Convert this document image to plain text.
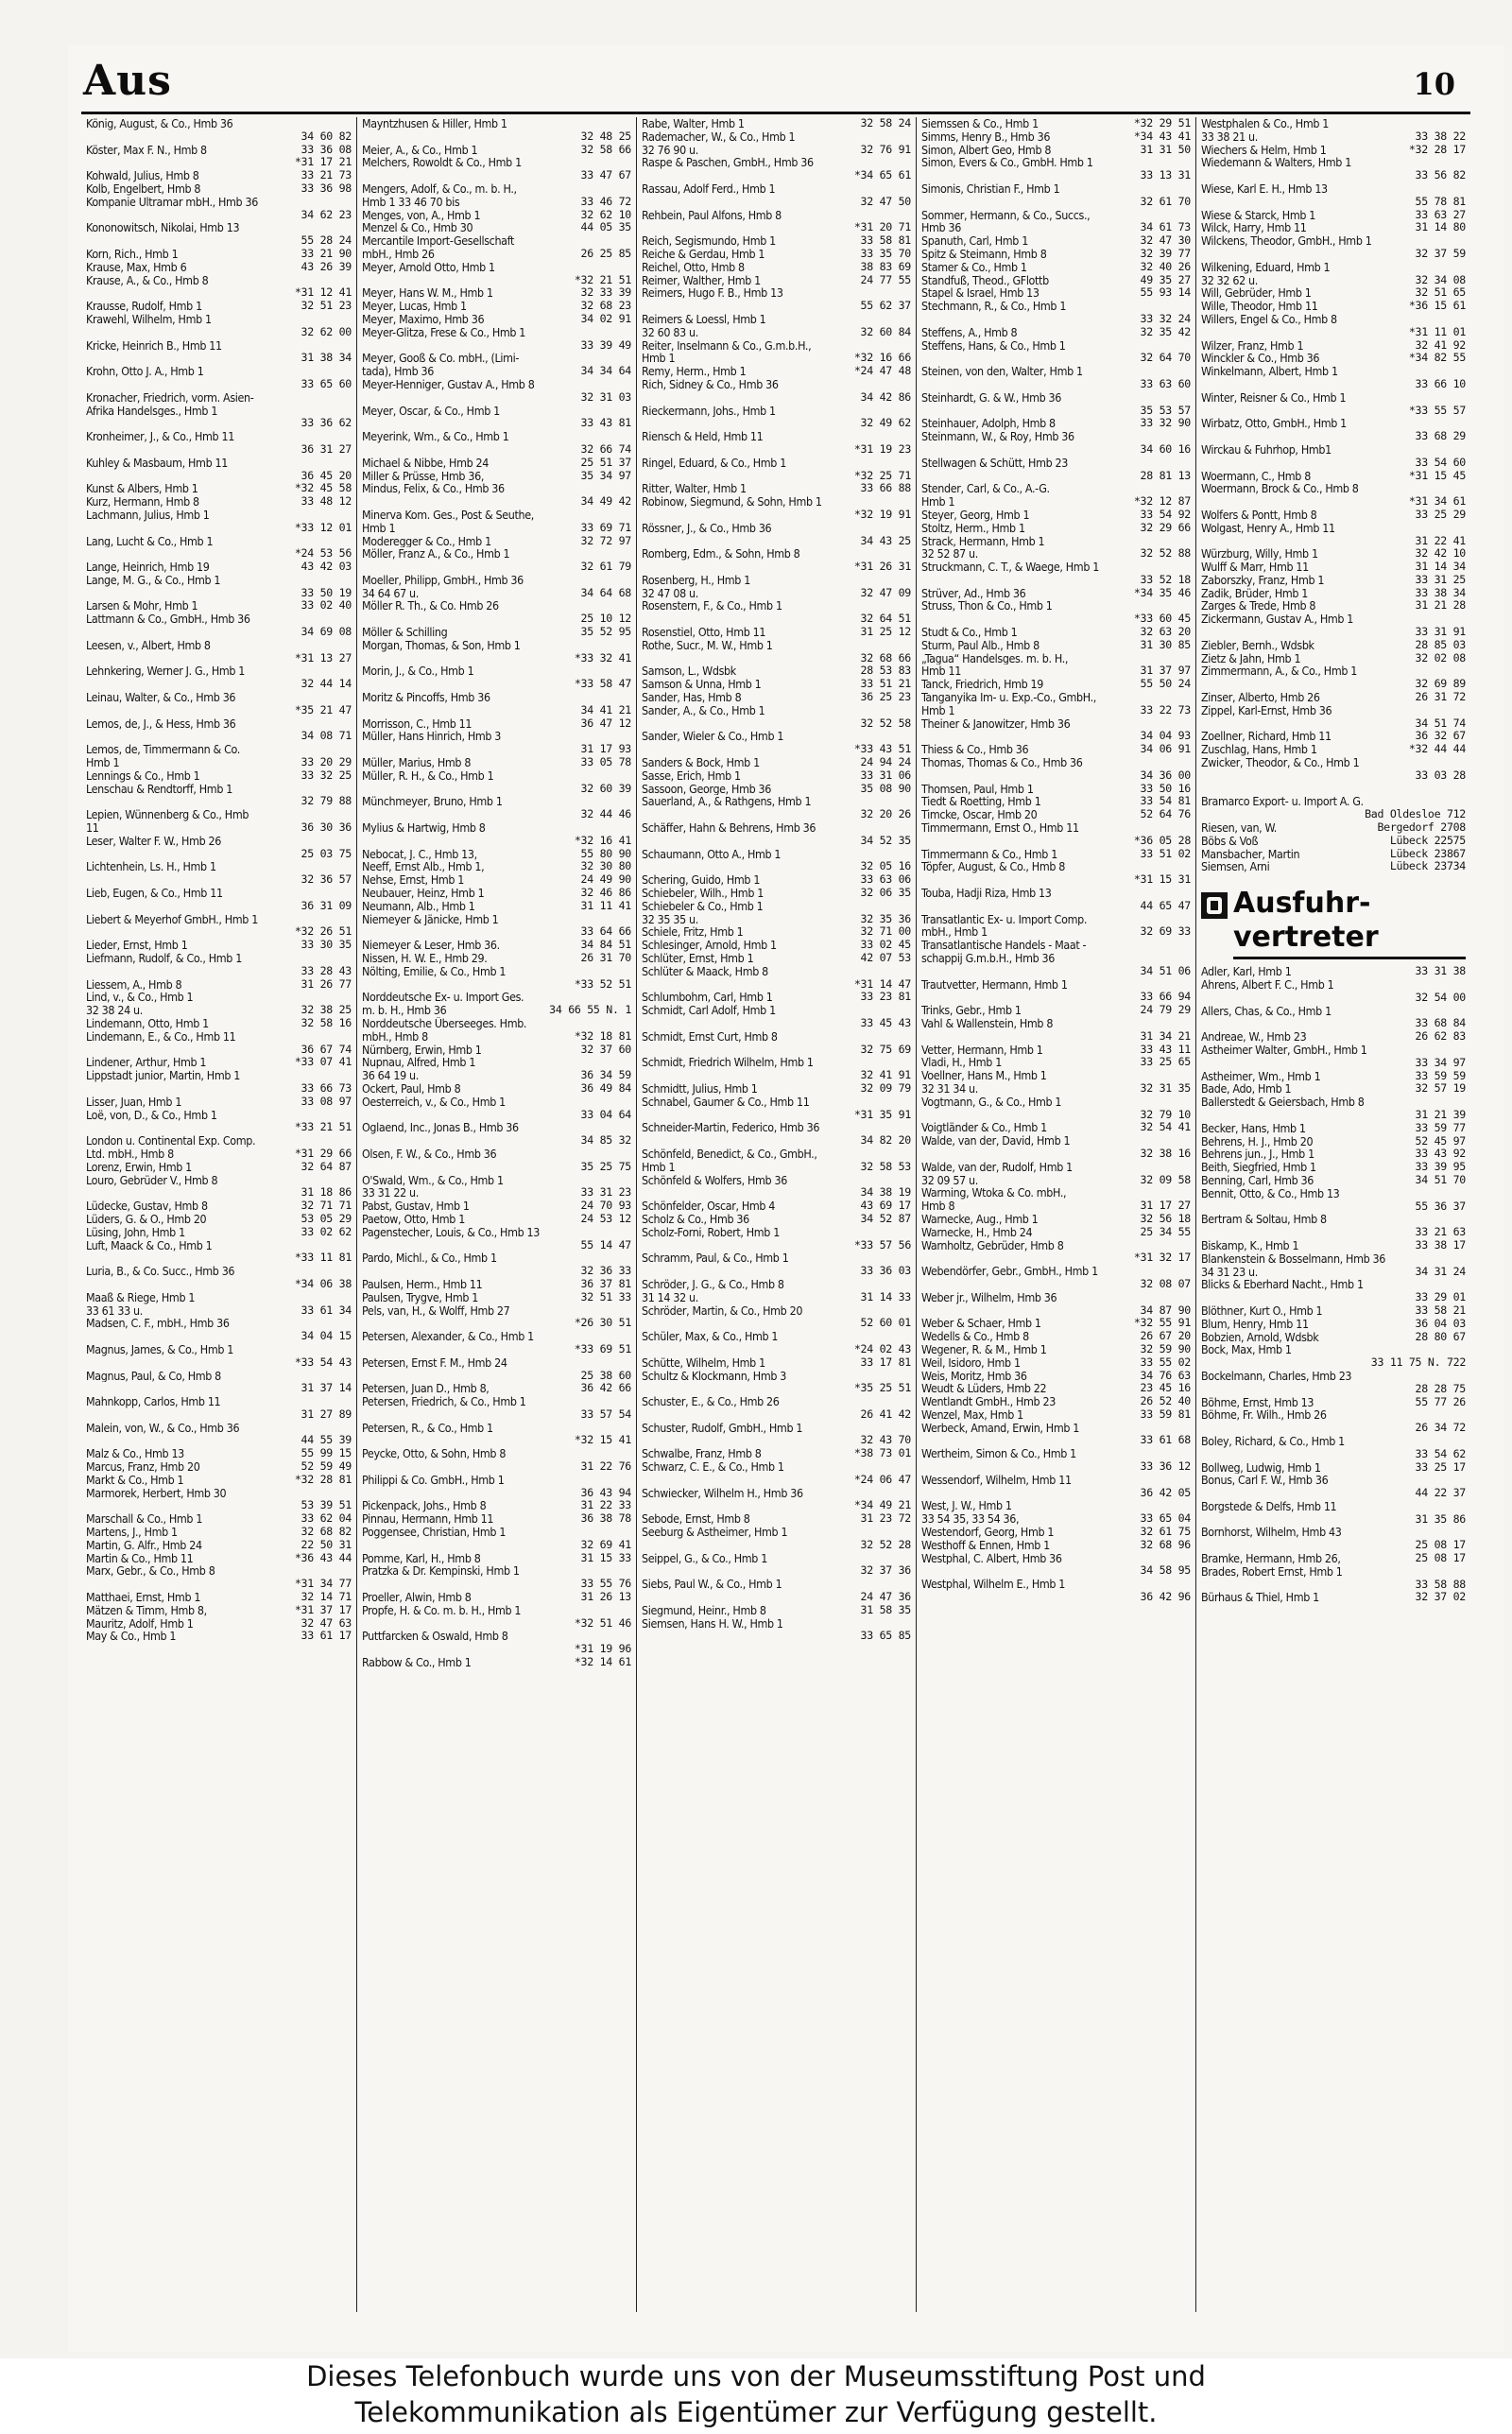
Aus	10
König, August, & Co., Hmb 36
34 60 82

33 36 08
Köster, Max F. N., Hmb 8
*31 17 21

33 21 73
Kohwald, Julius, Hmb 8
33 36 98
Kolb, Engelbert, Hmb 8
Kompanie Ultramar mbH., Hmb 36
34 62 23

Kononowitsch, Nikolai, Hmb 13
55 28 24

33 21 90
Korn, Rich., Hmb 1
43 26 39
Krause, Max, Hmb 6
Krause, A., & Co., Hmb 8
*31 12 41

32 51 23
Krausse, Rudolf, Hmb 1
Krawehl, Wilhelm, Hmb 1
32 62 00

Kricke, Heinrich B., Hmb 11
31 38 34

Krohn, Otto J. A., Hmb 1
33 65 60

Kronacher, Friedrich, vorm. Asien-
Afrika Handelsges., Hmb 1
33 36 62

Kronheimer, J., & Co., Hmb 11
36 31 27

Kuhley & Masbaum, Hmb 11
36 45 20

*32 45 58
Kunst & Albers, Hmb 1
33 48 12
Kurz, Hermann, Hmb 8
Lachmann, Julius, Hmb 1
*33 12 01

Lang, Lucht & Co., Hmb 1
*24 53 56

43 42 03
Lange, Heinrich, Hmb 19
Lange, M. G., & Co., Hmb 1
33 50 19

33 02 40
Larsen & Mohr, Hmb 1
Lattmann & Co., GmbH., Hmb 36
34 69 08

Leesen, v., Albert, Hmb 8
*31 13 27

Lehnkering, Werner J. G., Hmb 1
32 44 14

Leinau, Walter, & Co., Hmb 36
*35 21 47

Lemos, de, J., & Hess, Hmb 36
34 08 71

Lemos, de, Timmermann & Co.
33 20 29
Hmb 1
33 32 25
Lennings & Co., Hmb 1
Lenschau & Rendtorff, Hmb 1
32 79 88

Lepien, Wünnenberg & Co., Hmb
36 30 36
11
Leser, Walter F. W., Hmb 26
25 03 75

Lichtenhein, Ls. H., Hmb 1
32 36 57

Lieb, Eugen, & Co., Hmb 11
36 31 09

Liebert & Meyerhof GmbH., Hmb 1
*32 26 51

33 30 35
Lieder, Ernst, Hmb 1
Liefmann, Rudolf, & Co., Hmb 1
33 28 43

31 26 77
Liessem, A., Hmb 8
Lind, v., & Co., Hmb 1
32 38 25
32 38 24 u.
32 58 16
Lindemann, Otto, Hmb 1
Lindemann, E., & Co., Hmb 11
36 67 74

*33 07 41
Lindener, Arthur, Hmb 1
Lippstadt junior, Martin, Hmb 1
33 66 73

33 08 97
Lisser, Juan, Hmb 1
Loë, von, D., & Co., Hmb 1
*33 21 51

London u. Continental Exp. Comp.
*31 29 66
Ltd. mbH., Hmb 8
32 64 87
Lorenz, Erwin, Hmb 1
Louro, Gebrüder V., Hmb 8
31 18 86

32 71 71
Lüdecke, Gustav, Hmb 8
53 05 29
Lüders, G. & O., Hmb 20
33 02 62
Lüsing, John, Hmb 1
Luft, Maack & Co., Hmb 1
*33 11 81

Luria, B., & Co. Succ., Hmb 36
*34 06 38

Maaß & Riege, Hmb 1
33 61 34
33 61 33 u.
Madsen, C. F., mbH., Hmb 36
34 04 15

Magnus, James, & Co., Hmb 1
*33 54 43

Magnus, Paul, & Co, Hmb 8
31 37 14

Mahnkopp, Carlos, Hmb 11
31 27 89

Malein, von, W., & Co., Hmb 36
44 55 39

55 99 15
Malz & Co., Hmb 13
52 59 49
Marcus, Franz, Hmb 20
*32 28 81
Markt & Co., Hmb 1
Marmorek, Herbert, Hmb 30
53 39 51

33 62 04
Marschall & Co., Hmb 1
32 68 82
Martens, J., Hmb 1
22 50 31
Martin, G. Alfr., Hmb 24
*36 43 44
Martin & Co., Hmb 11
Marx, Gebr., & Co., Hmb 8
*31 34 77

32 14 71
Matthaei, Ernst, Hmb 1
*31 37 17
Mätzen & Timm, Hmb 8,
32 47 63
Mauritz, Adolf, Hmb 1
33 61 17
May & Co., Hmb 1
Mayntzhusen & Hiller, Hmb 1
32 48 25

32 58 66
Meier, A., & Co., Hmb 1
Melchers, Rowoldt & Co., Hmb 1
33 47 67

Mengers, Adolf, & Co., m. b. H.,
33 46 72
Hmb 1 33 46 70 bis
32 62 10
Menges, von, A., Hmb 1
44 05 35
Menzel & Co., Hmb 30
Mercantile Import-Gesellschaft
26 25 85
mbH., Hmb 26
Meyer, Arnold Otto, Hmb 1
*32 21 51

32 33 39
Meyer, Hans W. M., Hmb 1
32 68 23
Meyer, Lucas, Hmb 1
34 02 91
Meyer, Maximo, Hmb 36
Meyer-Glitza, Frese & Co., Hmb 1
33 39 49

Meyer, Gooß & Co. mbH., (Limi-
34 34 64
tada), Hmb 36
Meyer-Henniger, Gustav A., Hmb 8
32 31 03

Meyer, Oscar, & Co., Hmb 1
33 43 81

Meyerink, Wm., & Co., Hmb 1
32 66 74

25 51 37
Michael & Nibbe, Hmb 24
35 34 97
Miller & Prüsse, Hmb 36,
Mindus, Felix, & Co., Hmb 36
34 49 42

Minerva Kom. Ges., Post & Seuthe,
33 69 71
Hmb 1
32 72 97
Moderegger & Co., Hmb 1
Möller, Franz A., & Co., Hmb 1
32 61 79

Moeller, Philipp, GmbH., Hmb 36
34 64 68
34 64 67 u.
Möller R. Th., & Co. Hmb 26
25 10 12

35 52 95
Möller & Schilling
Morgan, Thomas, & Son, Hmb 1
*33 32 41

Morin, J., & Co., Hmb 1
*33 58 47

Moritz & Pincoffs, Hmb 36
34 41 21

36 47 12
Morrisson, C., Hmb 11
Müller, Hans Hinrich, Hmb 3
31 17 93

33 05 78
Müller, Marius, Hmb 8
Müller, R. H., & Co., Hmb 1
32 60 39

Münchmeyer, Bruno, Hmb 1
32 44 46

Mylius & Hartwig, Hmb 8
*32 16 41

55 80 90
Nebocat, J. C., Hmb 13,
32 30 80
Neeff, Ernst Alb., Hmb 1,
24 49 90
Nehse, Ernst, Hmb 1
32 46 86
Neubauer, Heinz, Hmb 1
31 11 41
Neumann, Alb., Hmb 1
Niemeyer & Jänicke, Hmb 1
33 64 66

34 84 51
Niemeyer & Leser, Hmb 36.
26 31 70
Nissen, H. W. E., Hmb 29.
Nölting, Emilie, & Co., Hmb 1
*33 52 51

Norddeutsche Ex- u. Import Ges.
34 66 55 N. 1
m. b. H., Hmb 36
Norddeutsche Überseeges. Hmb.
*32 18 81
mbH., Hmb 8
32 37 60
Nürnberg, Erwin, Hmb 1
Nupnau, Alfred, Hmb 1
36 34 59
36 64 19 u.
36 49 84
Ockert, Paul, Hmb 8
Oesterreich, v., & Co., Hmb 1
33 04 64

Oglaend, Inc., Jonas B., Hmb 36
34 85 32

Olsen, F. W., & Co., Hmb 36
35 25 75

O'Swald, Wm., & Co., Hmb 1
33 31 23
33 31 22 u.
24 70 93
Pabst, Gustav, Hmb 1
24 53 12
Paetow, Otto, Hmb 1
Pagenstecher, Louis, & Co., Hmb 13
55 14 47

Pardo, Michl., & Co., Hmb 1
32 36 33

36 37 81
Paulsen, Herm., Hmb 11
32 51 33
Paulsen, Trygve, Hmb 1
Pels, van, H., & Wolff, Hmb 27
*26 30 51

Petersen, Alexander, & Co., Hmb 1
*33 69 51

Petersen, Ernst F. M., Hmb 24
25 38 60

36 42 66
Petersen, Juan D., Hmb 8,
Petersen, Friedrich, & Co., Hmb 1
33 57 54

Petersen, R., & Co., Hmb 1
*32 15 41

Peycke, Otto, & Sohn, Hmb 8
31 22 76

Philippi & Co. GmbH., Hmb 1
36 43 94

31 22 33
Pickenpack, Johs., Hmb 8
36 38 78
Pinnau, Hermann, Hmb 11
Poggensee, Christian, Hmb 1
32 69 41

31 15 33
Pomme, Karl, H., Hmb 8
Pratzka & Dr. Kempinski, Hmb 1
33 55 76

31 26 13
Proeller, Alwin, Hmb 8
Propfe, H. & Co. m. b. H., Hmb 1
*32 51 46

Puttfarcken & Oswald, Hmb 8
*31 19 96

*32 14 61
Rabbow & Co., Hmb 1
32 58 24
Rabe, Walter, Hmb 1
Rademacher, W., & Co., Hmb 1
32 76 91
32 76 90 u.
Raspe & Paschen, GmbH., Hmb 36
*34 65 61

Rassau, Adolf Ferd., Hmb 1
32 47 50

Rehbein, Paul Alfons, Hmb 8
*31 20 71

33 58 81
Reich, Segismundo, Hmb 1
33 35 70
Reiche & Gerdau, Hmb 1
38 83 69
Reichel, Otto, Hmb 8
24 77 55
Reimer, Walther, Hmb 1
Reimers, Hugo F. B., Hmb 13
55 62 37

Reimers & Loessl, Hmb 1
32 60 84
32 60 83 u.
Reiter, Inselmann & Co., G.m.b.H.,
*32 16 66
Hmb 1
*24 47 48
Remy, Herm., Hmb 1
Rich, Sidney & Co., Hmb 36
34 42 86

Rieckermann, Johs., Hmb 1
32 49 62

Riensch & Held, Hmb 11
*31 19 23

Ringel, Eduard, & Co., Hmb 1
*32 25 71

33 66 88
Ritter, Walter, Hmb 1
Robinow, Siegmund, & Sohn, Hmb 1
*32 19 91

Rössner, J., & Co., Hmb 36
34 43 25

Romberg, Edm., & Sohn, Hmb 8
*31 26 31

Rosenberg, H., Hmb 1
32 47 09
32 47 08 u.
Rosenstern, F., & Co., Hmb 1
32 64 51

31 25 12
Rosenstiel, Otto, Hmb 11
Rothe, Sucr., M. W., Hmb 1
32 68 66

28 53 83
Samson, L., Wdsbk
33 51 21
Samson & Unna, Hmb 1
36 25 23
Sander, Has, Hmb 8
Sander, A., & Co., Hmb 1
32 52 58

Sander, Wieler & Co., Hmb 1
*33 43 51

24 94 24
Sanders & Bock, Hmb 1
33 31 06
Sasse, Erich, Hmb 1
35 08 90
Sassoon, George, Hmb 36
Sauerland, A., & Rathgens, Hmb 1
32 20 26

Schäffer, Hahn & Behrens, Hmb 36
34 52 35

Schaumann, Otto A., Hmb 1
32 05 16

33 63 06
Schering, Guido, Hmb 1
32 06 35
Schiebeler, Wilh., Hmb 1
Schiebeler & Co., Hmb 1
32 35 36
32 35 35 u.
32 71 00
Schiele, Fritz, Hmb 1
33 02 45
Schlesinger, Arnold, Hmb 1
42 07 53
Schlüter, Ernst, Hmb 1
Schlüter & Maack, Hmb 8
*31 14 47

33 23 81
Schlumbohm, Carl, Hmb 1
Schmidt, Carl Adolf, Hmb 1
33 45 43

Schmidt, Ernst Curt, Hmb 8
32 75 69

Schmidt, Friedrich Wilhelm, Hmb 1
32 41 91

32 09 79
Schmidtt, Julius, Hmb 1
Schnabel, Gaumer & Co., Hmb 11
*31 35 91

Schneider-Martin, Federico, Hmb 36
34 82 20

Schönfeld, Benedict, & Co., GmbH.,
32 58 53
Hmb 1
Schönfeld & Wolfers, Hmb 36
34 38 19

43 69 17
Schönfelder, Oscar, Hmb 4
34 52 87
Scholz & Co., Hmb 36
Scholz-Forni, Robert, Hmb 1
*33 57 56

Schramm, Paul, & Co., Hmb 1
33 36 03

Schröder, J. G., & Co., Hmb 8
31 14 33
31 14 32 u.
Schröder, Martin, & Co., Hmb 20
52 60 01

Schüler, Max, & Co., Hmb 1
*24 02 43

33 17 81
Schütte, Wilhelm, Hmb 1
Schultz & Klockmann, Hmb 3
*35 25 51

Schuster, E., & Co., Hmb 26
26 41 42

Schuster, Rudolf, GmbH., Hmb 1
32 43 70

*38 73 01
Schwalbe, Franz, Hmb 8
Schwarz, C. E., & Co., Hmb 1
*24 06 47

Schwiecker, Wilhelm H., Hmb 36
*34 49 21

31 23 72
Sebode, Ernst, Hmb 8
Seeburg & Astheimer, Hmb 1
32 52 28

Seippel, G., & Co., Hmb 1
32 37 36

Siebs, Paul W., & Co., Hmb 1
24 47 36

31 58 35
Siegmund, Heinr., Hmb 8
Siemsen, Hans H. W., Hmb 1
33 65 85

*32 29 51
Siemssen & Co., Hmb 1
*34 43 41
Simms, Henry B., Hmb 36
31 31 50
Simon, Albert Geo, Hmb 8
Simon, Evers & Co., GmbH. Hmb 1
33 13 31

Simonis, Christian F., Hmb 1
32 61 70

Sommer, Hermann, & Co., Succs.,
34 61 73
Hmb 36
32 47 30
Spanuth, Carl, Hmb 1
32 39 77
Spitz & Steimann, Hmb 8
32 40 26
Stamer & Co., Hmb 1
49 35 27
Standfuß, Theod., GFlottb
55 93 14
Stapel & Israel, Hmb 13
Stechmann, R., & Co., Hmb 1
33 32 24

32 35 42
Steffens, A., Hmb 8
Steffens, Hans, & Co., Hmb 1
32 64 70

Steinen, von den, Walter, Hmb 1
33 63 60

Steinhardt, G. & W., Hmb 36
35 53 57

33 32 90
Steinhauer, Adolph, Hmb 8
Steinmann, W., & Roy, Hmb 36
34 60 16

Stellwagen & Schütt, Hmb 23
28 81 13

Stender, Carl, & Co., A.-G.
*32 12 87
Hmb 1
33 54 92
Steyer, Georg, Hmb 1
32 29 66
Stoltz, Herm., Hmb 1
Strack, Hermann, Hmb 1
32 52 88
32 52 87 u.
Struckmann, C. T., & Waege, Hmb 1
33 52 18

*34 35 46
Strüver, Ad., Hmb 36
Struss, Thon & Co., Hmb 1
*33 60 45

32 63 20
Studt & Co., Hmb 1
31 30 85
Sturm, Paul Alb., Hmb 8
„Tagua“ Handelsges. m. b. H.,
31 37 97
Hmb 11
55 50 24
Tanck, Friedrich, Hmb 19
Tanganyika Im- u. Exp.-Co., GmbH.,
33 22 73
Hmb 1
Theiner & Janowitzer, Hmb 36
34 04 93

34 06 91
Thiess & Co., Hmb 36
Thomas, Thomas & Co., Hmb 36
34 36 00

33 50 16
Thomsen, Paul, Hmb 1
33 54 81
Tiedt & Roetting, Hmb 1
52 64 76
Timcke, Oscar, Hmb 20
Timmermann, Ernst O., Hmb 11
*36 05 28

33 51 02
Timmermann & Co., Hmb 1
Töpfer, August, & Co., Hmb 8
*31 15 31

Touba, Hadji Riza, Hmb 13
44 65 47

Transatlantic Ex- u. Import Comp.
32 69 33
mbH., Hmb 1
Transatlantische Handels - Maat -
schappij G.m.b.H., Hmb 36
34 51 06

Trautvetter, Hermann, Hmb 1
33 66 94

24 79 29
Trinks, Gebr., Hmb 1
Vahl & Wallenstein, Hmb 8
31 34 21

33 43 11
Vetter, Hermann, Hmb 1
33 25 65
Vladi, H., Hmb 1
Voellner, Hans M., Hmb 1
32 31 35
32 31 34 u.
Vogtmann, G., & Co., Hmb 1
32 79 10

32 54 41
Voigtländer & Co., Hmb 1
Walde, van der, David, Hmb 1
32 38 16

Walde, van der, Rudolf, Hmb 1
32 09 58
32 09 57 u.
Warming, Wtoka & Co. mbH.,
31 17 27
Hmb 8
32 56 18
Warnecke, Aug., Hmb 1
25 34 55
Warnecke, H., Hmb 24
Warnholtz, Gebrüder, Hmb 8
*31 32 17

Webendörfer, Gebr., GmbH., Hmb 1
32 08 07

Weber jr., Wilhelm, Hmb 36
34 87 90

*32 55 91
Weber & Schaer, Hmb 1
26 67 20
Wedells & Co., Hmb 8
32 59 90
Wegener, R. & M., Hmb 1
33 55 02
Weil, Isidoro, Hmb 1
34 76 63
Weis, Moritz, Hmb 36
23 45 16
Weudt & Lüders, Hmb 22
26 52 40
Wentlandt GmbH., Hmb 23
33 59 81
Wenzel, Max, Hmb 1
Werbeck, Amand, Erwin, Hmb 1
33 61 68

Wertheim, Simon & Co., Hmb 1
33 36 12

Wessendorf, Wilhelm, Hmb 11
36 42 05

West, J. W., Hmb 1
33 65 04
33 54 35, 33 54 36,
32 61 75
Westendorf, Georg, Hmb 1
32 68 96
Westhoff & Ennen, Hmb 1
Westphal, C. Albert, Hmb 36
34 58 95

Westphal, Wilhelm E., Hmb 1
36 42 96

Westphalen & Co., Hmb 1
33 38 22
33 38 21 u.
*32 28 17
Wiechers & Helm, Hmb 1
Wiedemann & Walters, Hmb 1
33 56 82

Wiese, Karl E. H., Hmb 13
55 78 81

33 63 27
Wiese & Starck, Hmb 1
31 14 80
Wilck, Harry, Hmb 11
Wilckens, Theodor, GmbH., Hmb 1
32 37 59

Wilkening, Eduard, Hmb 1
32 34 08
32 32 62 u.
32 51 65
Will, Gebrüder, Hmb 1
*36 15 61
Wille, Theodor, Hmb 11
Willers, Engel & Co., Hmb 8
*31 11 01

32 41 92
Wilzer, Franz, Hmb 1
*34 82 55
Winckler & Co., Hmb 36
Winkelmann, Albert, Hmb 1
33 66 10

Winter, Reisner & Co., Hmb 1
*33 55 57

Wirbatz, Otto, GmbH., Hmb 1
33 68 29

Wirckau & Fuhrhop, Hmb1
33 54 60

*31 15 45
Woermann, C., Hmb 8
Woermann, Brock & Co., Hmb 8
*31 34 61

33 25 29
Wolfers & Pontt, Hmb 8
Wolgast, Henry A., Hmb 11
31 22 41

32 42 10
Würzburg, Willy, Hmb 1
31 14 34
Wulff & Marr, Hmb 11
33 31 25
Zaborszky, Franz, Hmb 1
33 38 34
Zadik, Brüder, Hmb 1
31 21 28
Zarges & Trede, Hmb 8
Zickermann, Gustav A., Hmb 1
33 31 91

28 85 03
Ziebler, Bernh., Wdsbk
32 02 08
Zietz & Jahn, Hmb 1
Zimmermann, A., & Co., Hmb 1
32 69 89

26 31 72
Zinser, Alberto, Hmb 26
Zippel, Karl-Ernst, Hmb 36
34 51 74

36 32 67
Zoellner, Richard, Hmb 11
*32 44 44
Zuschlag, Hans, Hmb 1
Zwicker, Theodor, & Co., Hmb 1
33 03 28

Bramarco Export- u. Import A. G.
Bad Oldesloe 712

Bergedorf 2708
Riesen, van, W.
Lübeck 22575
Böbs & Voß
Lübeck 23867
Mansbacher, Martin
Lübeck 23734
Siemsen, Arni
Ausfuhr-
vertreter
33 31 38
Adler, Karl, Hmb 1
Ahrens, Albert F. C., Hmb 1
32 54 00

Allers, Chas, & Co., Hmb 1
33 68 84

26 62 83
Andreae, W., Hmb 23
Astheimer Walter, GmbH., Hmb 1
33 34 97

33 59 59
Astheimer, Wm., Hmb 1
32 57 19
Bade, Ado, Hmb 1
Ballerstedt & Geiersbach, Hmb 8
31 21 39

33 59 77
Becker, Hans, Hmb 1
52 45 97
Behrens, H. J., Hmb 20
33 43 92
Behrens jun., J., Hmb 1
33 39 95
Beith, Siegfried, Hmb 1
34 51 70
Benning, Carl, Hmb 36
Bennit, Otto, & Co., Hmb 13
55 36 37

Bertram & Soltau, Hmb 8
33 21 63

33 38 17
Biskamp, K., Hmb 1
Blankenstein & Bosselmann, Hmb 36
34 31 24
34 31 23 u.
Blicks & Eberhard Nacht., Hmb 1
33 29 01

33 58 21
Blöthner, Kurt O., Hmb 1
36 04 03
Blum, Henry, Hmb 11
28 80 67
Bobzien, Arnold, Wdsbk
Bock, Max, Hmb 1
33 11 75 N. 722

Bockelmann, Charles, Hmb 23
28 28 75

55 77 26
Böhme, Ernst, Hmb 13
Böhme, Fr. Wilh., Hmb 26
26 34 72

Boley, Richard, & Co., Hmb 1
33 54 62

33 25 17
Bollweg, Ludwig, Hmb 1
Bonus, Carl F. W., Hmb 36
44 22 37

Borgstede & Delfs, Hmb 11
31 35 86

Bornhorst, Wilhelm, Hmb 43
25 08 17

25 08 17
Bramke, Hermann, Hmb 26,
Brades, Robert Ernst, Hmb 1
33 58 88

32 37 02
Bürhaus & Thiel, Hmb 1
Dieses Telefonbuch wurde uns von der Museumsstiftung Post und
Telekommunikation als Eigentümer zur Verfügung gestellt.
